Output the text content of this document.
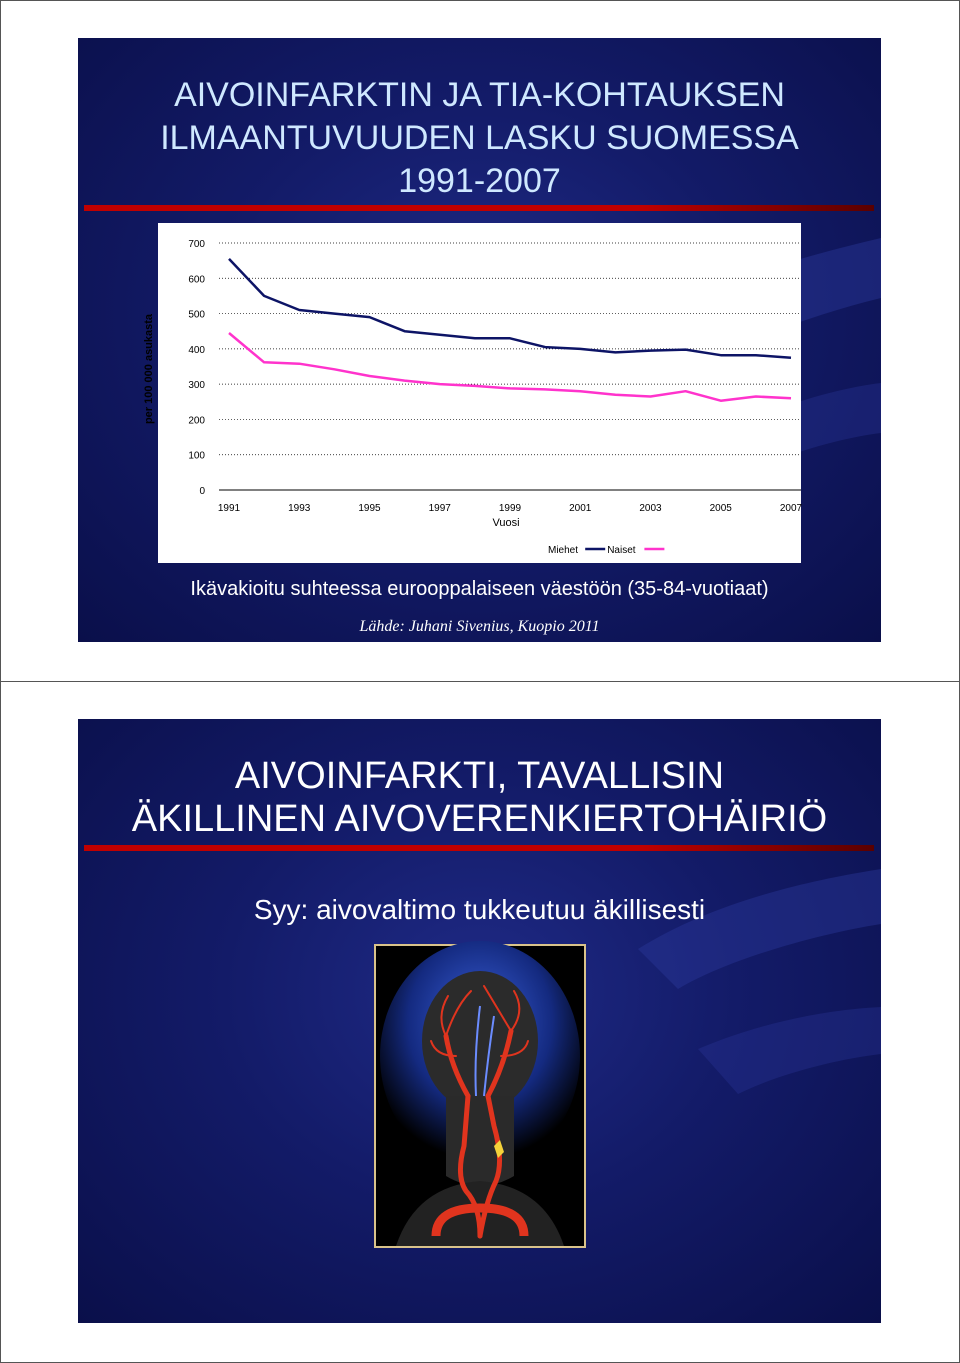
AIVOINFARKTIN JA TIA-KOHTAUKSEN
ILMAANTUVUUDEN LASKU SUOMESSA
1991-2007
0
100
200
300
400
500
600
700
1991	1993	1995	1997	1999	2001	2003	2005	2007
Miehet	Naiset
per 100 000 asukasta
Vuosi
Ikävakioitu suhteessa eurooppalaiseen väestöön (35-84-vuotiaat)
Lähde: Juhani Sivenius, Kuopio 2011
AIVOINFARKTI, TAVALLISIN
ÄKILLINEN AIVOVERENKIERTOHÄIRIÖ
Syy: aivovaltimo tukkeutuu äkillisesti
